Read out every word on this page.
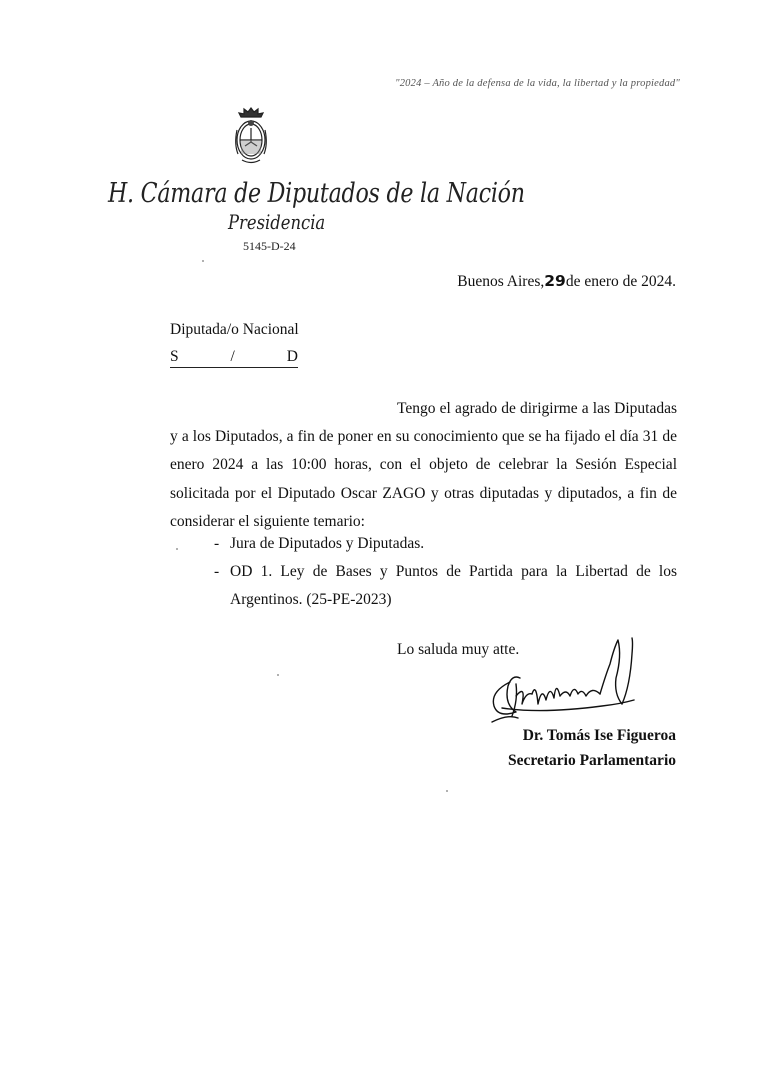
"2024 – Año de la defensa de la vida, la libertad y la propiedad"
H. Cámara de Diputados de la Nación
Presidencia
5145-D-24
Buenos Aires,29de enero de 2024.
Diputada/o Nacional
S	/	D

Tengo el agrado de dirigirme a las Diputadas y a los Diputados, a fin de poner en su conocimiento que se ha fijado el día 31 de enero 2024 a las 10:00 horas, con el objeto de celebrar la Sesión Especial solicitada por el Diputado Oscar ZAGO y otras diputadas y diputados, a fin de considerar el siguiente temario:

- Jura de Diputados y Diputadas.
- OD 1. Ley de Bases y Puntos de Partida para la Libertad de los Argentinos. (25-PE-2023)
Lo saluda muy atte.
Dr. Tomás Ise Figueroa
Secretario Parlamentario
